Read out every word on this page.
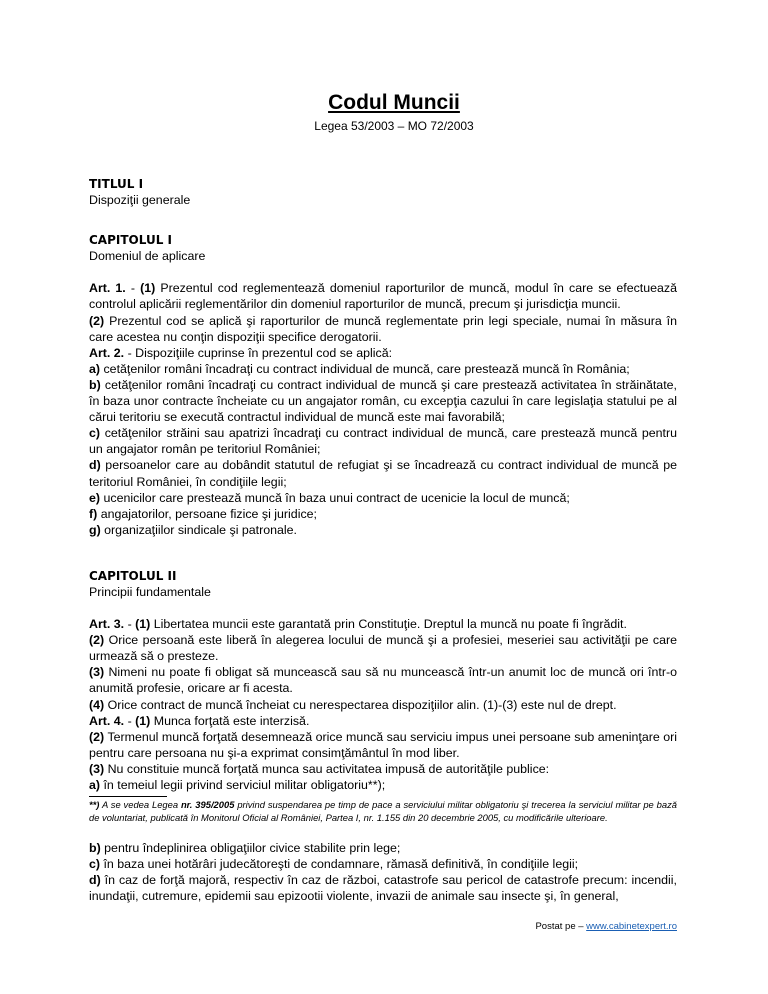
Codul Muncii
Legea 53/2003 – MO 72/2003

TITLUL I

Dispoziţii generale

CAPITOLUL I

Domeniul de aplicare

Art. 1. - (1) Prezentul cod reglementează domeniul raporturilor de muncă, modul în care se efectuează controlul aplicării reglementărilor din domeniul raporturilor de muncă, precum şi jurisdicţia muncii.

(2) Prezentul cod se aplică şi raporturilor de muncă reglementate prin legi speciale, numai în măsura în care acestea nu conţin dispoziţii specifice derogatorii.

Art. 2. - Dispoziţiile cuprinse în prezentul cod se aplică:

a) cetăţenilor români încadraţi cu contract individual de muncă, care prestează muncă în România;

b) cetăţenilor români încadraţi cu contract individual de muncă şi care prestează activitatea în străinătate, în baza unor contracte încheiate cu un angajator român, cu excepţia cazului în care legislaţia statului pe al cărui teritoriu se execută contractul individual de muncă este mai favorabilă;

c) cetăţenilor străini sau apatrizi încadraţi cu contract individual de muncă, care prestează muncă pentru un angajator român pe teritoriul României;

d) persoanelor care au dobândit statutul de refugiat şi se încadrează cu contract individual de muncă pe teritoriul României, în condiţiile legii;

e) ucenicilor care prestează muncă în baza unui contract de ucenicie la locul de muncă;

f) angajatorilor, persoane fizice şi juridice;

g) organizaţiilor sindicale şi patronale.

CAPITOLUL II

Principii fundamentale

Art. 3. - (1) Libertatea muncii este garantată prin Constituţie. Dreptul la muncă nu poate fi îngrădit.

(2) Orice persoană este liberă în alegerea locului de muncă şi a profesiei, meseriei sau activităţii pe care urmează să o presteze.

(3) Nimeni nu poate fi obligat să muncească sau să nu muncească într-un anumit loc de muncă ori într-o anumită profesie, oricare ar fi acesta.

(4) Orice contract de muncă încheiat cu nerespectarea dispoziţiilor alin. (1)-(3) este nul de drept.

Art. 4. - (1) Munca forţată este interzisă.

(2) Termenul muncă forţată desemnează orice muncă sau serviciu impus unei persoane sub ameninţare ori pentru care persoana nu şi-a exprimat consimţământul în mod liber.

(3) Nu constituie muncă forţată munca sau activitatea impusă de autorităţile publice:

a) în temeiul legii privind serviciul militar obligatoriu**);

**) A se vedea Legea nr. 395/2005 privind suspendarea pe timp de pace a serviciului militar obligatoriu şi trecerea la serviciul militar pe bază de voluntariat, publicată în Monitorul Oficial al României, Partea I, nr. 1.155 din 20 decembrie 2005, cu modificările ulterioare.

b) pentru îndeplinirea obligaţiilor civice stabilite prin lege;

c) în baza unei hotărâri judecătoreşti de condamnare, rămasă definitivă, în condiţiile legii;

d) în caz de forţă majoră, respectiv în caz de război, catastrofe sau pericol de catastrofe precum: incendii, inundaţii, cutremure, epidemii sau epizootii violente, invazii de animale sau insecte şi, în general,

Postat pe – www.cabinetexpert.ro
